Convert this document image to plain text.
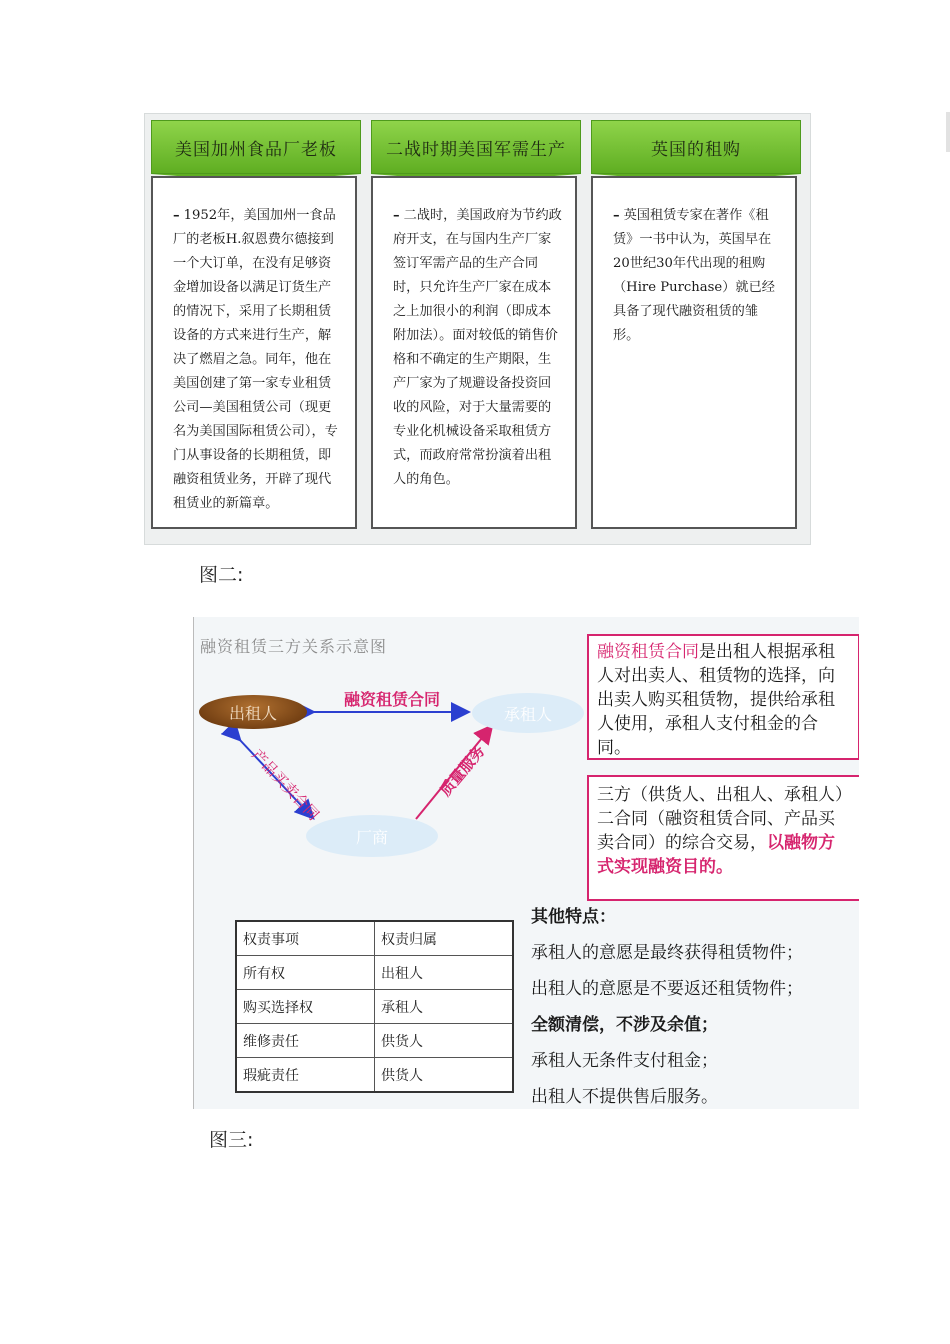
美国加州食品厂老板
– 1952年，美国加州一食品厂的老板H.叙恩费尔德接到一个大订单，在没有足够资金增加设备以满足订货生产的情况下，采用了长期租赁设备的方式来进行生产，解决了燃眉之急。同年，他在美国创建了第一家专业租赁公司—美国租赁公司（现更名为美国国际租赁公司），专门从事设备的长期租赁，即融资租赁业务，开辟了现代租赁业的新篇章。
二战时期美国军需生产
– 二战时，美国政府为节约政府开支，在与国内生产厂家签订军需产品的生产合同时，只允许生产厂家在成本之上加很小的利润（即成本附加法）。面对较低的销售价格和不确定的生产期限，生产厂家为了规避设备投资回收的风险，对于大量需要的专业化机械设备采取租赁方式，而政府常常扮演着出租人的角色。
英国的租购
– 英国租赁专家在著作《租赁》一书中认为，英国早在20世纪30年代出现的租购（Hire Purchase）就已经具备了现代融资租赁的雏形。
图二:
融资租赁三方关系示意图
出租人	承租人
厂商
融资租赁合同
产品买卖合同	质量服务
融资租赁合同是出租人根据承租人对出卖人、租赁物的选择，向出卖人购买租赁物，提供给承租人使用，承租人支付租金的合同。
三方（供货人、出租人、承租人）二合同（融资租赁合同、产品买卖合同）的综合交易，以融物方式实现融资目的。
权责事项	权责归属
所有权	出租人
购买选择权	承租人
维修责任	供货人
瑕疵责任	供货人
其他特点：
承租人的意愿是最终获得租赁物件；
出租人的意愿是不要返还租赁物件；
全额清偿，不涉及余值；
承租人无条件支付租金；
出租人不提供售后服务。
图三:
